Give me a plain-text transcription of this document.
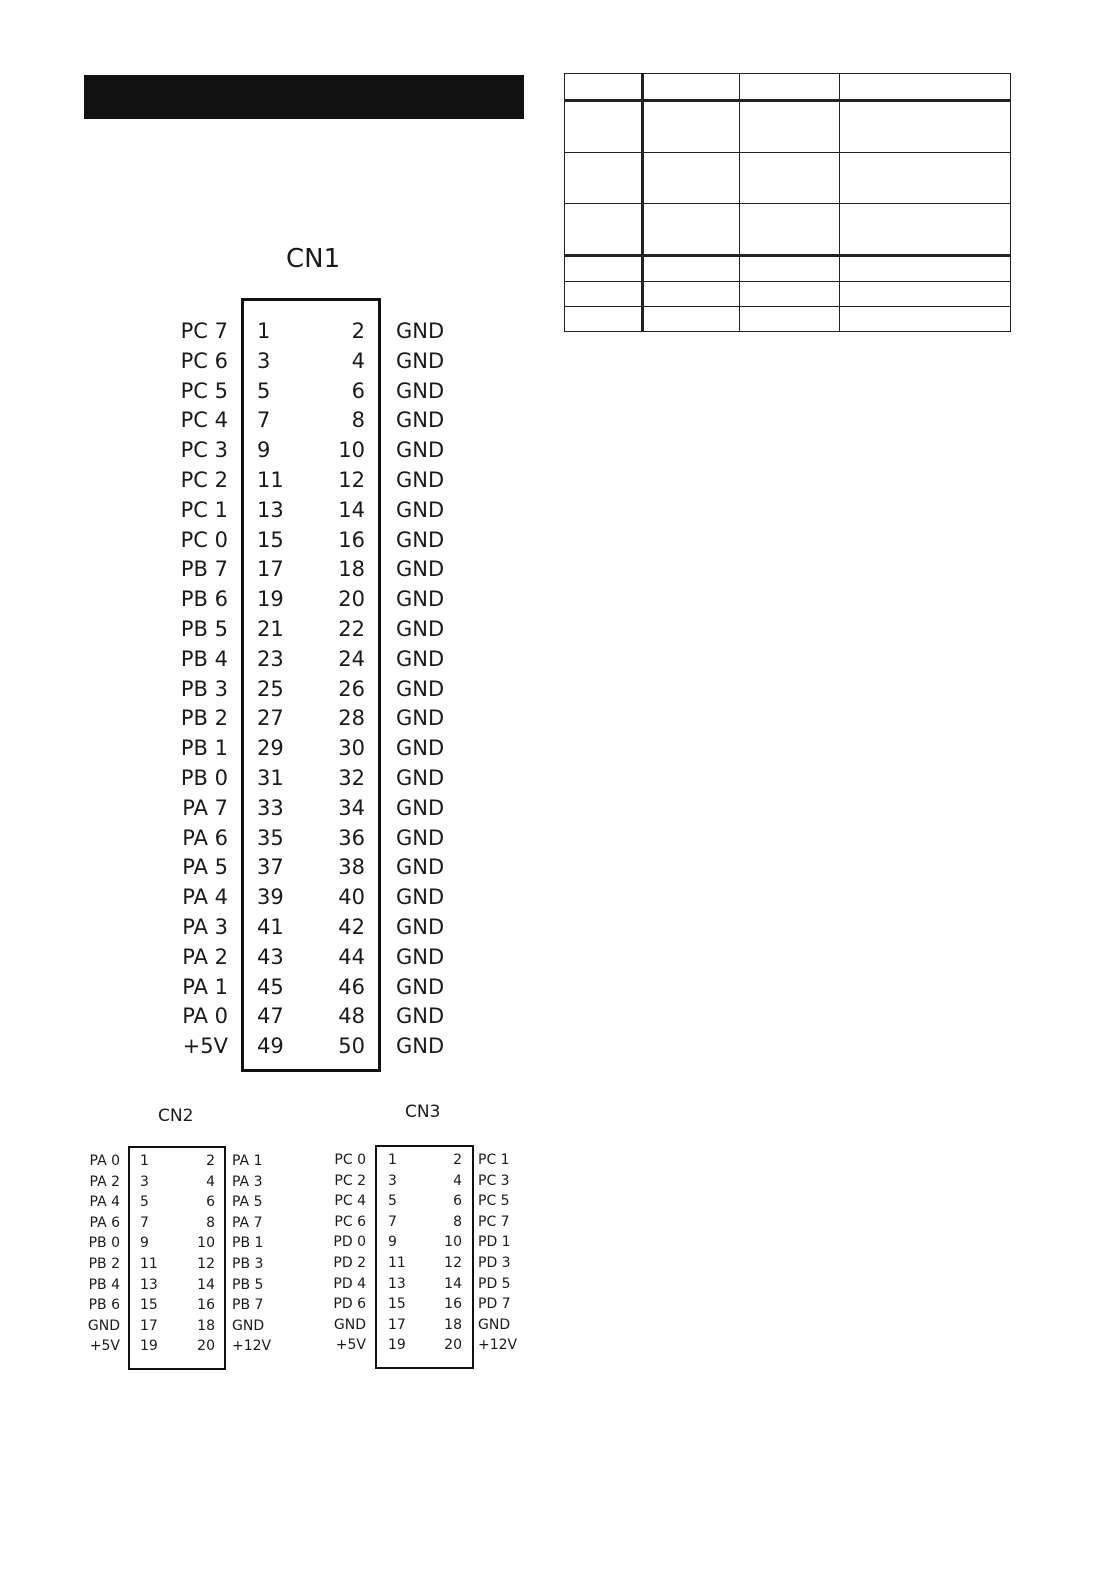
CN1
PC 7 1	2 GND
PC 6 3	4 GND
PC 5 5	6 GND
PC 4 7	8 GND
PC 3 9	10 GND
PC 2 11	12 GND
PC 1 13	14 GND
PC 0 15	16 GND
PB 7 17	18 GND
PB 6 19	20 GND
PB 5 21	22 GND
PB 4 23	24 GND
PB 3 25	26 GND
PB 2 27	28 GND
PB 1 29	30 GND
PB 0 31	32 GND
PA 7 33	34 GND
PA 6 35	36 GND
PA 5 37	38 GND
PA 4 39	40 GND
PA 3 41	42 GND
PA 2 43	44 GND
PA 1 45	46 GND
PA 0 47	48 GND
+5V 49	50 GND
CN2
PA 0 1	2 PA 1
PA 2 3	4 PA 3
PA 4 5	6 PA 5
PA 6 7	8 PA 7
PB 0 9	10 PB 1
PB 2 11	12 PB 3
PB 4 13	14 PB 5
PB 6 15	16 PB 7
GND 17	18 GND
+5V 19	20 +12V
CN3
PC 0 1	2 PC 1
PC 2 3	4 PC 3
PC 4 5	6 PC 5
PC 6 7	8 PC 7
PD 0 9	10 PD 1
PD 2 11	12 PD 3
PD 4 13	14 PD 5
PD 6 15	16 PD 7
GND 17	18 GND
+5V 19	20 +12V
